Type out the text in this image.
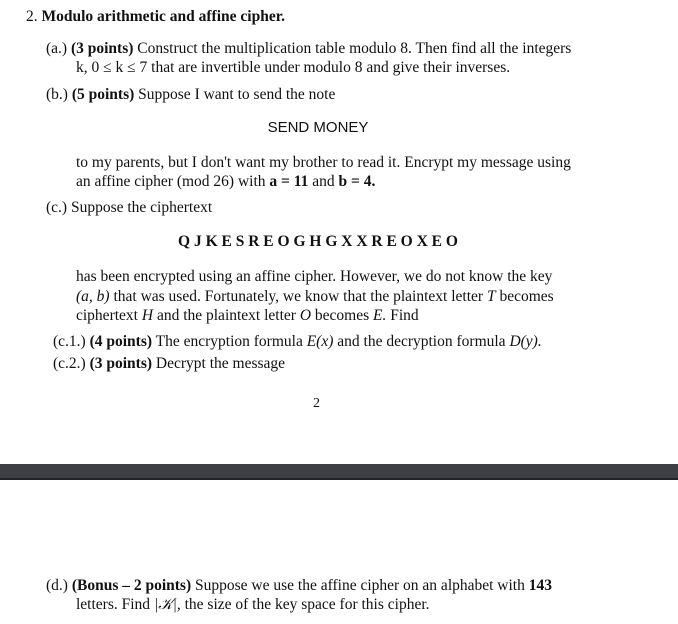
2. Modulo arithmetic and affine cipher.
(a.) (3 points) Construct the multiplication table modulo 8. Then find all the integers
k, 0 ≤ k ≤ 7 that are invertible under modulo 8 and give their inverses.
(b.) (5 points) Suppose I want to send the note
SEND MONEY
to my parents, but I don't want my brother to read it. Encrypt my message using
an affine cipher (mod 26) with a = 11 and b = 4.
(c.) Suppose the ciphertext
Q J K E S R E O G H G X X R E O X E O
has been encrypted using an affine cipher. However, we do not know the key
(a, b) that was used. Fortunately, we know that the plaintext letter T becomes
ciphertext H and the plaintext letter O becomes E. Find
(c.1.) (4 points) The encryption formula E(x) and the decryption formula D(y).
(c.2.) (3 points) Decrypt the message
2
(d.) (Bonus – 2 points) Suppose we use the affine cipher on an alphabet with 143
letters. Find |𝒦|, the size of the key space for this cipher.
